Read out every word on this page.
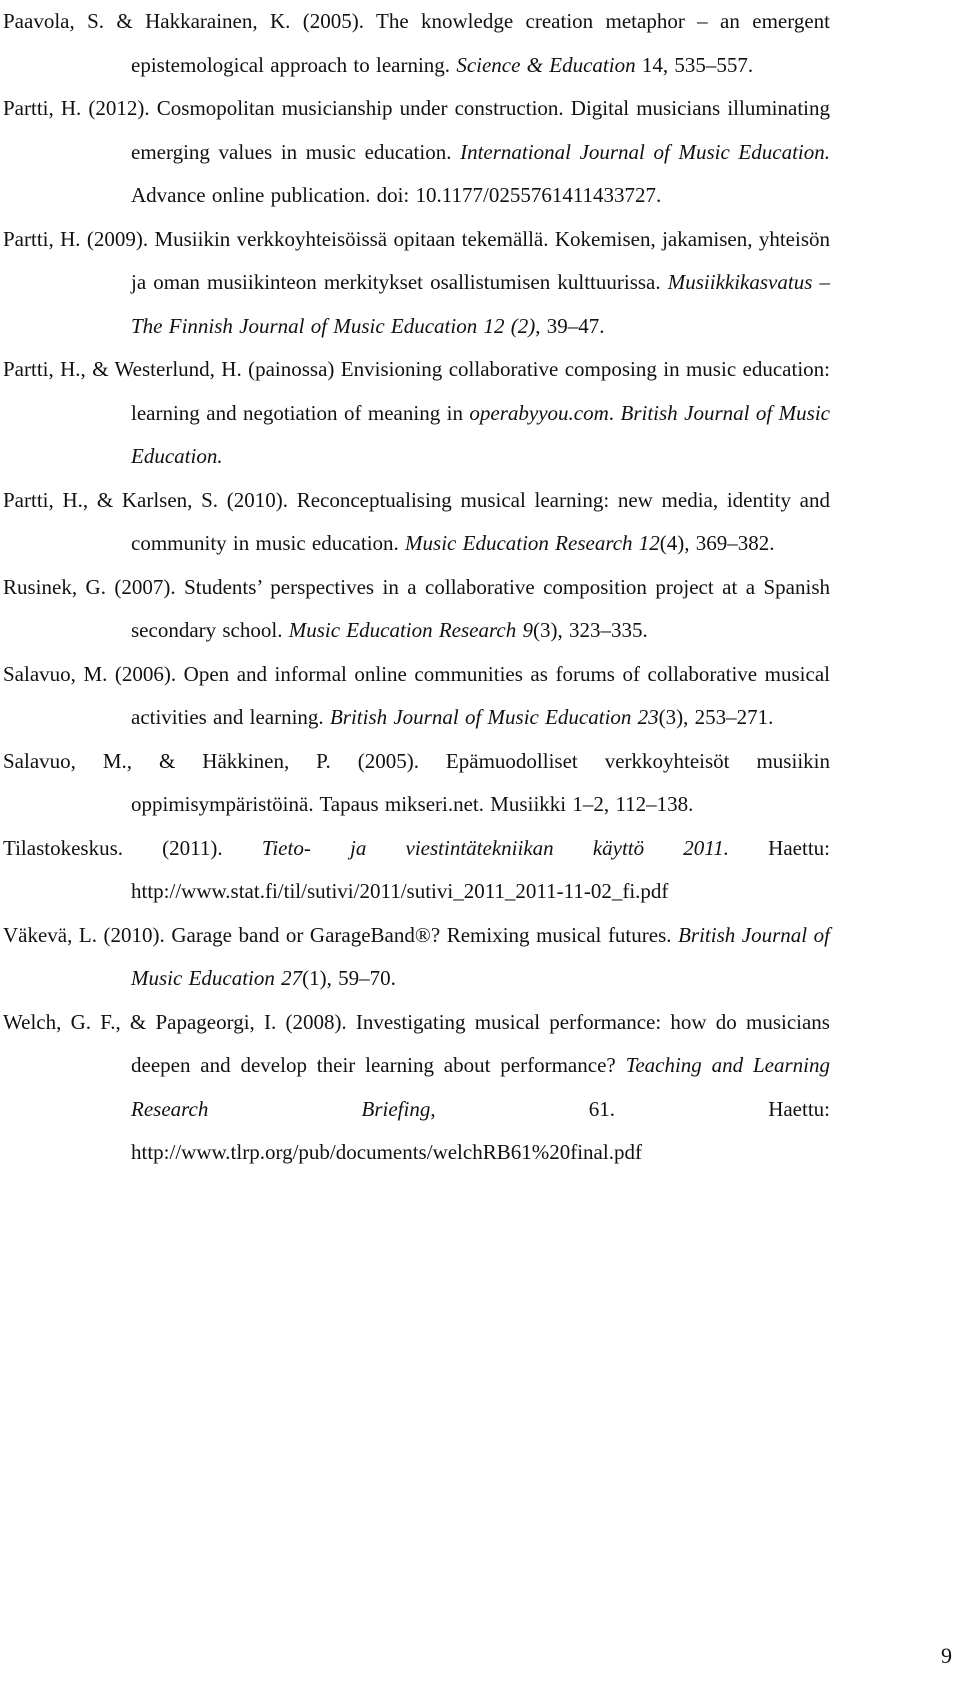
Paavola, S. & Hakkarainen, K. (2005). The knowledge creation metaphor – an emergent epistemological approach to learning. Science & Education 14, 535–557.

Partti, H. (2012). Cosmopolitan musicianship under construction. Digital musicians illuminating emerging values in music education. International Journal of Music Education. Advance online publication. doi: 10.1177/0255761411433727.

Partti, H. (2009). Musiikin verkkoyhteisöissä opitaan tekemällä. Kokemisen, jakamisen, yhteisön ja oman musiikinteon merkitykset osallistumisen kulttuurissa. Musiikkikasvatus – The Finnish Journal of Music Education 12 (2), 39–47.

Partti, H., & Westerlund, H. (painossa) Envisioning collaborative composing in music education: learning and negotiation of meaning in operabyyou.com. British Journal of Music Education.

Partti, H., & Karlsen, S. (2010). Reconceptualising musical learning: new media, identity and community in music education. Music Education Research 12(4), 369–382.

Rusinek, G. (2007). Students’ perspectives in a collaborative composition project at a Spanish secondary school. Music Education Research 9(3), 323–335.

Salavuo, M. (2006). Open and informal online communities as forums of collaborative musical activities and learning. British Journal of Music Education 23(3), 253–271.

Salavuo, M., & Häkkinen, P. (2005). Epämuodolliset verkkoyhteisöt musiikin oppimisympäristöinä. Tapaus mikseri.net. Musiikki 1–2, 112–138.

Tilastokeskus. (2011). Tieto- ja viestintätekniikan käyttö 2011. Haettu: http://www.stat.fi/til/sutivi/2011/sutivi_2011_2011-11-02_fi.pdf

Väkevä, L. (2010). Garage band or GarageBand®? Remixing musical futures. British Journal of Music Education 27(1), 59–70.

Welch, G. F., & Papageorgi, I. (2008). Investigating musical performance: how do musicians deepen and develop their learning about performance? Teaching and Learning Research Briefing, 61. Haettu: http://www.tlrp.org/pub/documents/welchRB61%20final.pdf

9
